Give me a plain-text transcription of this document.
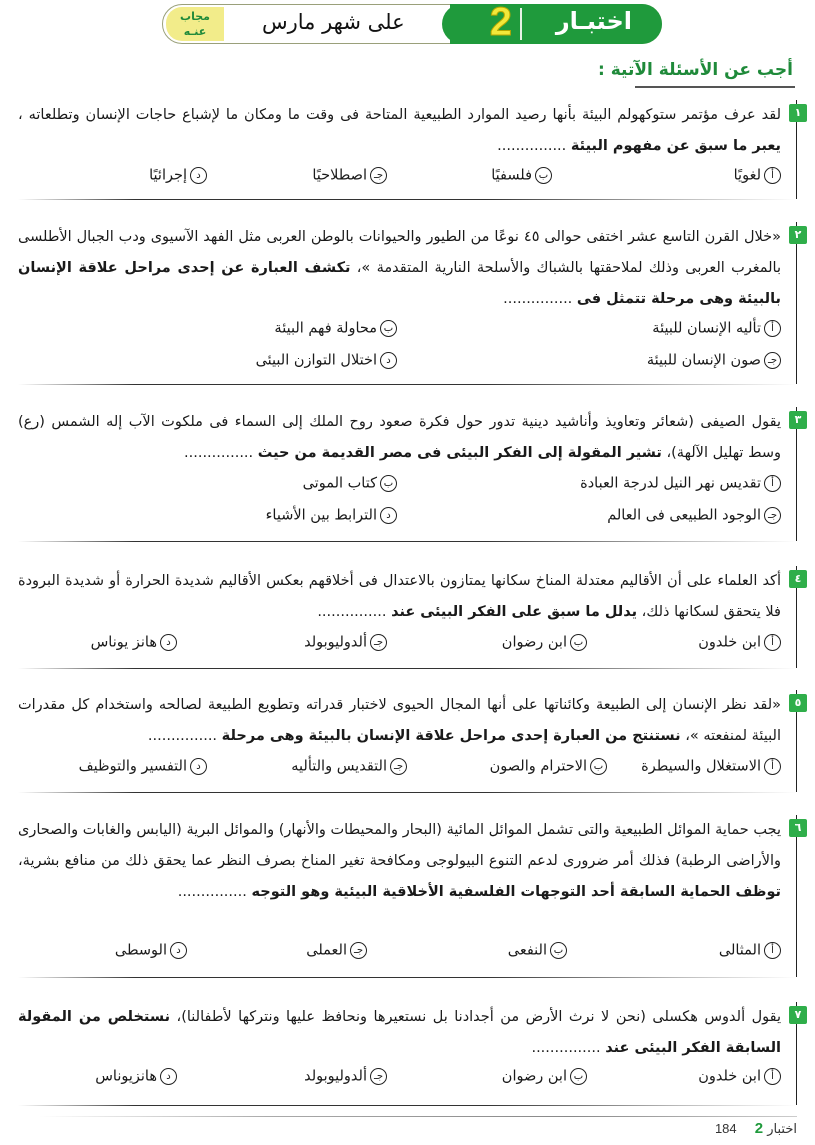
اختبـار
2
على شهر مارس
مجاب
عنـه
أجب عن الأسئلة الآتية :
١
لقد عرف مؤتمر ستوكهولم البيئة بأنها رصيد الموارد الطبيعية المتاحة فى وقت ما ومكان ما لإشباع حاجات الإنسان وتطلعاته ، يعبر ما سبق عن مفهوم البيئة ...............
ألغويًا
بفلسفيًا
جـاصطلاحيًا
دإجرائيًا
٢
«خلال القرن التاسع عشر اختفى حوالى ٤٥ نوعًا من الطيور والحيوانات بالوطن العربى مثل الفهد الآسيوى ودب الجبال الأطلسى بالمغرب العربى وذلك لملاحقتها بالشباك والأسلحة النارية المتقدمة »، تكشف العبارة عن إحدى مراحل علاقة الإنسان بالبيئة وهى مرحلة تتمثل فى ...............
أتأليه الإنسان للبيئة
بمحاولة فهم البيئة
جـصون الإنسان للبيئة
داختلال التوازن البيئى
٣
يقول الصيفى (شعائر وتعاويذ وأناشيد دينية تدور حول فكرة صعود روح الملك إلى السماء فى ملكوت الآب إله الشمس (رع) وسط تهليل الآلهة)، تشير المقولة إلى الفكر البيئى فى مصر القديمة من حيث ...............
أتقديس نهر النيل لدرجة العبادة
بكتاب الموتى
جـالوجود الطبيعى فى العالم
دالترابط بين الأشياء
٤
أكد العلماء على أن الأقاليم معتدلة المناخ سكانها يمتازون بالاعتدال فى أخلاقهم بعكس الأقاليم شديدة الحرارة أو شديدة البرودة فلا يتحقق لسكانها ذلك، يدلل ما سبق على الفكر البيئى عند ...............
أابن خلدون
بابن رضوان
جـألدوليوبولد
دهانز يوناس
٥
«لقد نظر الإنسان إلى الطبيعة وكائناتها على أنها المجال الحيوى لاختبار قدراته وتطويع الطبيعة لصالحه واستخدام كل مقدرات البيئة لمنفعته »، نستنتج من العبارة إحدى مراحل علاقة الإنسان بالبيئة وهى مرحلة ...............
أالاستغلال والسيطرة
بالاحترام والصون
جـالتقديس والتأليه
دالتفسير والتوظيف
٦
يجب حماية الموائل الطبيعية والتى تشمل الموائل المائية (البحار والمحيطات والأنهار) والموائل البرية (اليابس والغابات والصحارى والأراضى الرطبة) فذلك أمر ضرورى لدعم التنوع البيولوجى ومكافحة تغير المناخ بصرف النظر عما يحقق ذلك من منافع بشرية، توظف الحماية السابقة أحد التوجهات الفلسفية الأخلاقية البيئية وهو التوجه ...............
أالمثالى
بالنفعى
جـالعملى
دالوسطى
٧
يقول ألدوس هكسلى (نحن لا نرث الأرض من أجدادنا بل نستعيرها ونحافظ عليها ونتركها لأطفالنا)، نستخلص من المقولة السابقة الفكر البيئى عند ...............
أابن خلدون
بابن رضوان
جـألدوليوبولد
دهانزيوناس
اختبار 2 184
